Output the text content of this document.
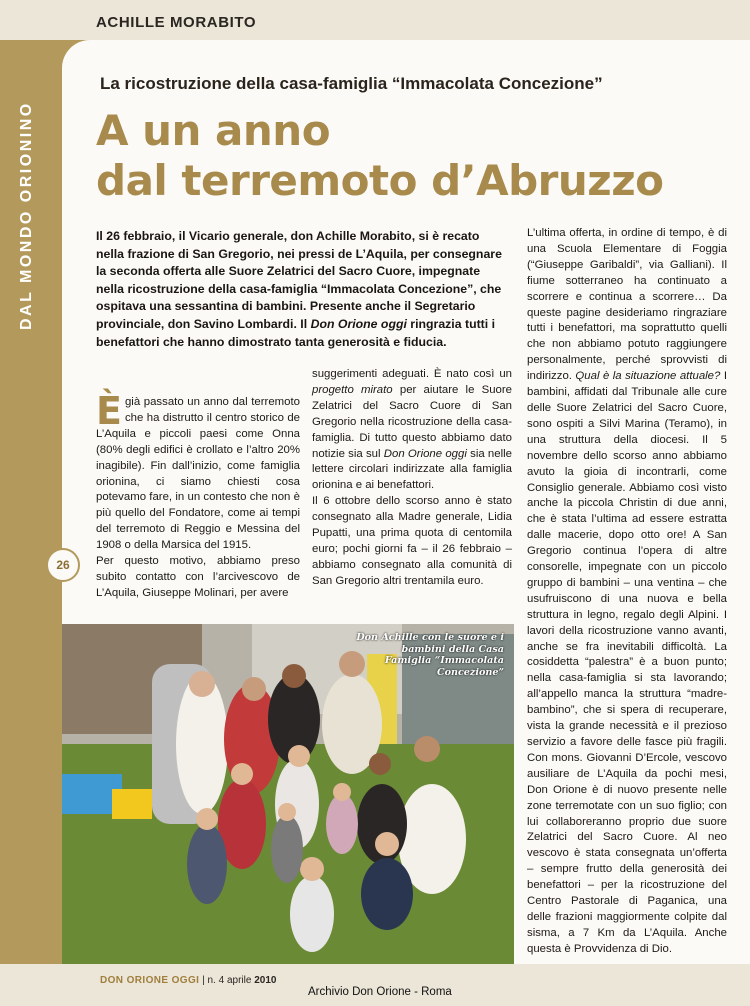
ACHILLE MORABITO
DAL MONDO ORIONINO
26
La ricostruzione della casa-famiglia “Immacolata Concezione”
A un anno
dal terremoto d’Abruzzo

Il 26 febbraio, il Vicario generale, don Achille Morabito, si è recato nella frazione di San Gregorio, nei pressi de L’Aquila, per consegnare la seconda offerta alle Suore Zelatrici del Sacro Cuore, impegnate nella ricostruzione della casa-famiglia “Immacolata Concezione”, che ospitava una sessantina di bambini. Presente anche il Segretario provinciale, don Savino Lombardi. Il Don Orione oggi ringrazia tutti i benefattori che hanno dimostrato tanta generosità e fiducia.

È già passato un anno dal terremoto che ha distrutto il centro storico de L’Aquila e piccoli paesi come Onna (80% degli edifici è crollato e l’altro 20% inagibile). Fin dall’inizio, come famiglia orionina, ci siamo chiesti cosa potevamo fare, in un contesto che non è più quello del Fondatore, come ai tempi del terremoto di Reggio e Messina del 1908 o della Marsica del 1915.

Per questo motivo, abbiamo preso subito contatto con l’arcivescovo de L’Aquila, Giuseppe Molinari, per avere

suggerimenti adeguati. È nato così un progetto mirato per aiutare le Suore Zelatrici del Sacro Cuore di San Gregorio nella ricostruzione della casa-famiglia. Di tutto questo abbiamo dato notizie sia sul Don Orione oggi sia nelle lettere circolari indirizzate alla famiglia orionina e ai benefattori.

Il 6 ottobre dello scorso anno è stato consegnato alla Madre generale, Lidia Pupatti, una prima quota di centomila euro; pochi giorni fa – il 26 febbraio – abbiamo consegnato alla comunità di San Gregorio altri trentamila euro.

L’ultima offerta, in ordine di tempo, è di una Scuola Elementare di Foggia (“Giuseppe Garibaldi”, via Galliani). Il fiume sotterraneo ha continuato a scorrere e continua a scorrere… Da queste pagine desideriamo ringraziare tutti i benefattori, ma soprattutto quelli che non abbiamo potuto raggiungere personalmente, perché sprovvisti di indirizzo. Qual è la situazione attuale? I bambini, affidati dal Tribunale alle cure delle Suore Zelatrici del Sacro Cuore, sono ospiti a Silvi Marina (Teramo), in una struttura della diocesi. Il 5 novembre dello scorso anno abbiamo avuto la gioia di incontrarli, come Consiglio generale. Abbiamo così visto anche la piccola Christin di due anni, che è stata l’ultima ad essere estratta dalle macerie, dopo otto ore! A San Gregorio continua l’opera di altre consorelle, impegnate con un piccolo gruppo di bambini – una ventina – che usufruiscono di una nuova e bella struttura in legno, regalo degli Alpini. I lavori della ricostruzione vanno avanti, anche se fra inevitabili difficoltà. La cosiddetta “palestra” è a buon punto; nella casa-famiglia si sta lavorando; all’appello manca la struttura “madre-bambino”, che si spera di recuperare, vista la grande necessità e il prezioso servizio a favore delle fasce più fragili. Con mons. Giovanni D’Ercole, vescovo ausiliare de L’Aquila da pochi mesi, Don Orione è di nuovo presente nelle zone terremotate con un suo figlio; con lui collaboreranno proprio due suore Zelatrici del Sacro Cuore. Al neo vescovo è stata consegnata un’offerta – sempre frutto della generosità dei benefattori – per la ricostruzione del Centro Pastorale di Paganica, una delle frazioni maggiormente colpite dal sisma, a 7 Km da L’Aquila. Anche questa è Provvidenza di Dio.

Don Achille con le suore e i bambini della Casa Famiglia “Immacolata Concezione”
DON ORIONE OGGI | n. 4 aprile 2010
Archivio Don Orione - Roma
